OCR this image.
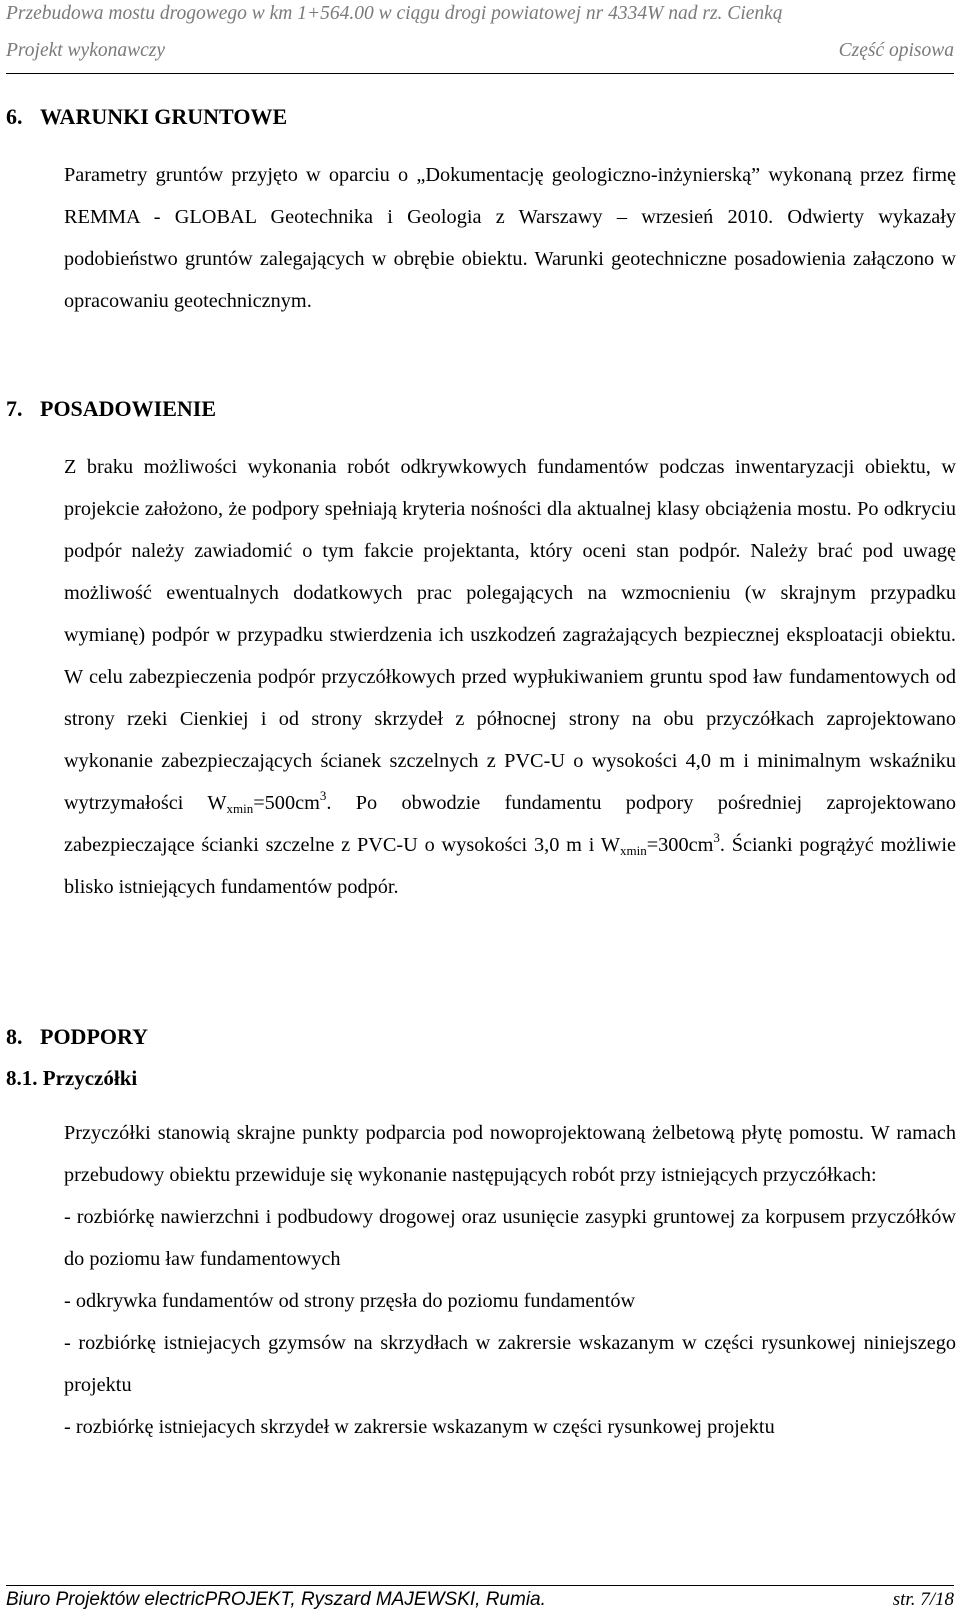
Przebudowa mostu drogowego w km 1+564.00 w ciągu drogi powiatowej nr 4334W nad rz. Cienką
Projekt wykonawczy	Część opisowa
6. WARUNKI GRUNTOWE
Parametry gruntów przyjęto w oparciu o „Dokumentację geologiczno-inżynierską” wykonaną przez firmę REMMA - GLOBAL Geotechnika i Geologia z Warszawy – wrzesień 2010. Odwierty wykazały podobieństwo gruntów zalegających w obrębie obiektu. Warunki geotechniczne posadowienia załączono w opracowaniu geotechnicznym.
7. POSADOWIENIE
Z braku możliwości wykonania robót odkrywkowych fundamentów podczas inwentaryzacji obiektu, w projekcie założono, że podpory spełniają kryteria nośności dla aktualnej klasy obciążenia mostu. Po odkryciu podpór należy zawiadomić o tym fakcie projektanta, który oceni stan podpór. Należy brać pod uwagę możliwość ewentualnych dodatkowych prac polegających na wzmocnieniu (w skrajnym przypadku wymianę) podpór w przypadku stwierdzenia ich uszkodzeń zagrażających bezpiecznej eksploatacji obiektu. W celu zabezpieczenia podpór przyczółkowych przed wypłukiwaniem gruntu spod ław fundamentowych od strony rzeki Cienkiej i od strony skrzydeł z północnej strony na obu przyczółkach zaprojektowano wykonanie zabezpieczających ścianek szczelnych z PVC-U o wysokości 4,0 m i minimalnym wskaźniku wytrzymałości $W_{xmin}=500cm^3$. Po obwodzie fundamentu podpory pośredniej zaprojektowano zabezpieczające ścianki szczelne z PVC-U o wysokości 3,0 m i $W_{xmin}=300cm^3$. Ścianki pogrążyć możliwie blisko istniejących fundamentów podpór.
8. PODPORY
8.1. Przyczółki
Przyczółki stanowią skrajne punkty podparcia pod nowoprojektowaną żelbetową płytę pomostu. W ramach przebudowy obiektu przewiduje się wykonanie następujących robót przy istniejących przyczółkach:
- rozbiórkę nawierzchni i podbudowy drogowej oraz usunięcie zasypki gruntowej za korpusem przyczółków do poziomu ław fundamentowych
- odkrywka fundamentów od strony przęsła do poziomu fundamentów
- rozbiórkę istniejacych gzymsów na skrzydłach w zakrersie wskazanym w części rysunkowej niniejszego projektu
- rozbiórkę istniejacych skrzydeł w zakrersie wskazanym w części rysunkowej projektu
Biuro Projektów electricPROJEKT, Ryszard MAJEWSKI, Rumia.	str. 7/18
